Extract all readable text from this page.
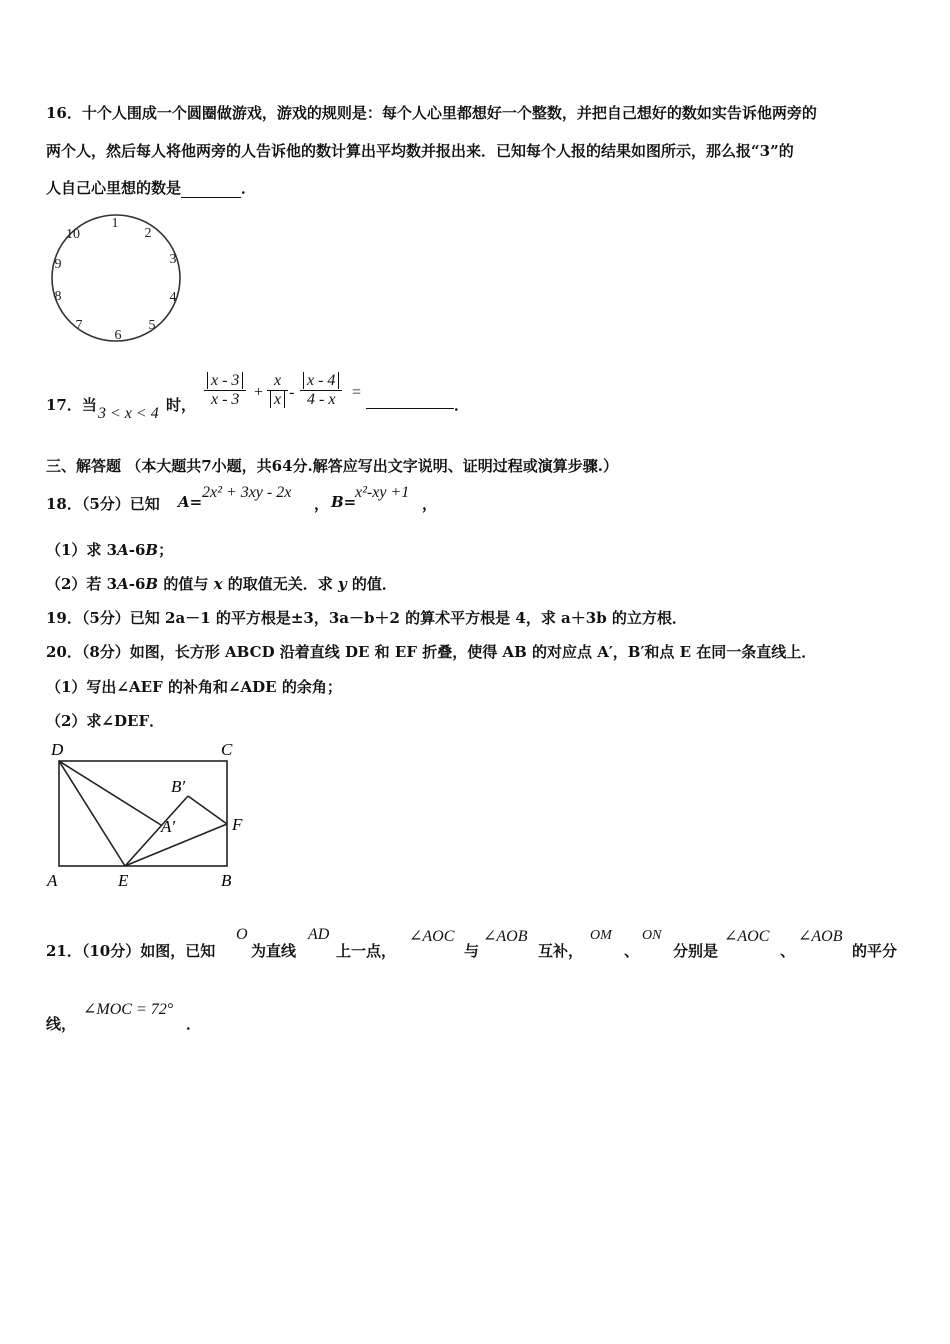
16．十个人围成一个圆圈做游戏，游戏的规则是：每个人心里都想好一个整数，并把自己想好的数如实告诉他两旁的
两个人，然后每人将他两旁的人告诉他的数计算出平均数并报出来．已知每个人报的结果如图所示，那么报“3”的
人自己心里想的数是	．
1
2
3
4
5
6
7
8
9
10
17．当 3 < x < 4 时， $\frac{x - 3}{x - 3} + \frac{x}{x} - \frac{x - 4}{4 - x}$ =
．
三、解答题 （本大题共7小题，共64分.解答应写出文字说明、证明过程或演算步骤.）
18．（5分）已知 A=
2x² + 3xy - 2x
， B=
x²-xy +1
，
（1）求 3A-6B；
（2）若 3A-6B 的值与 x 的取值无关．求 y 的值．
19．（5分）已知 2a－1 的平方根是±3，3a－b＋2 的算术平方根是 4，求 a＋3b 的立方根．
20．（8分）如图，长方形 ABCD 沿着直线 DE 和 EF 折叠，使得 AB 的对应点 A′，B′和点 E 在同一条直线上．
（1）写出∠AEF 的补角和∠ADE 的余角；
（2）求∠DEF．
D	C
B′
A′	F
A	E	B
21．（10分）如图，已知
O
为直线
AD
上一点，
∠AOC
与
∠AOB
互补，
OM
、
ON
分别是
∠AOC
、
∠AOB
的平分
线，
∠MOC = 72°
．
